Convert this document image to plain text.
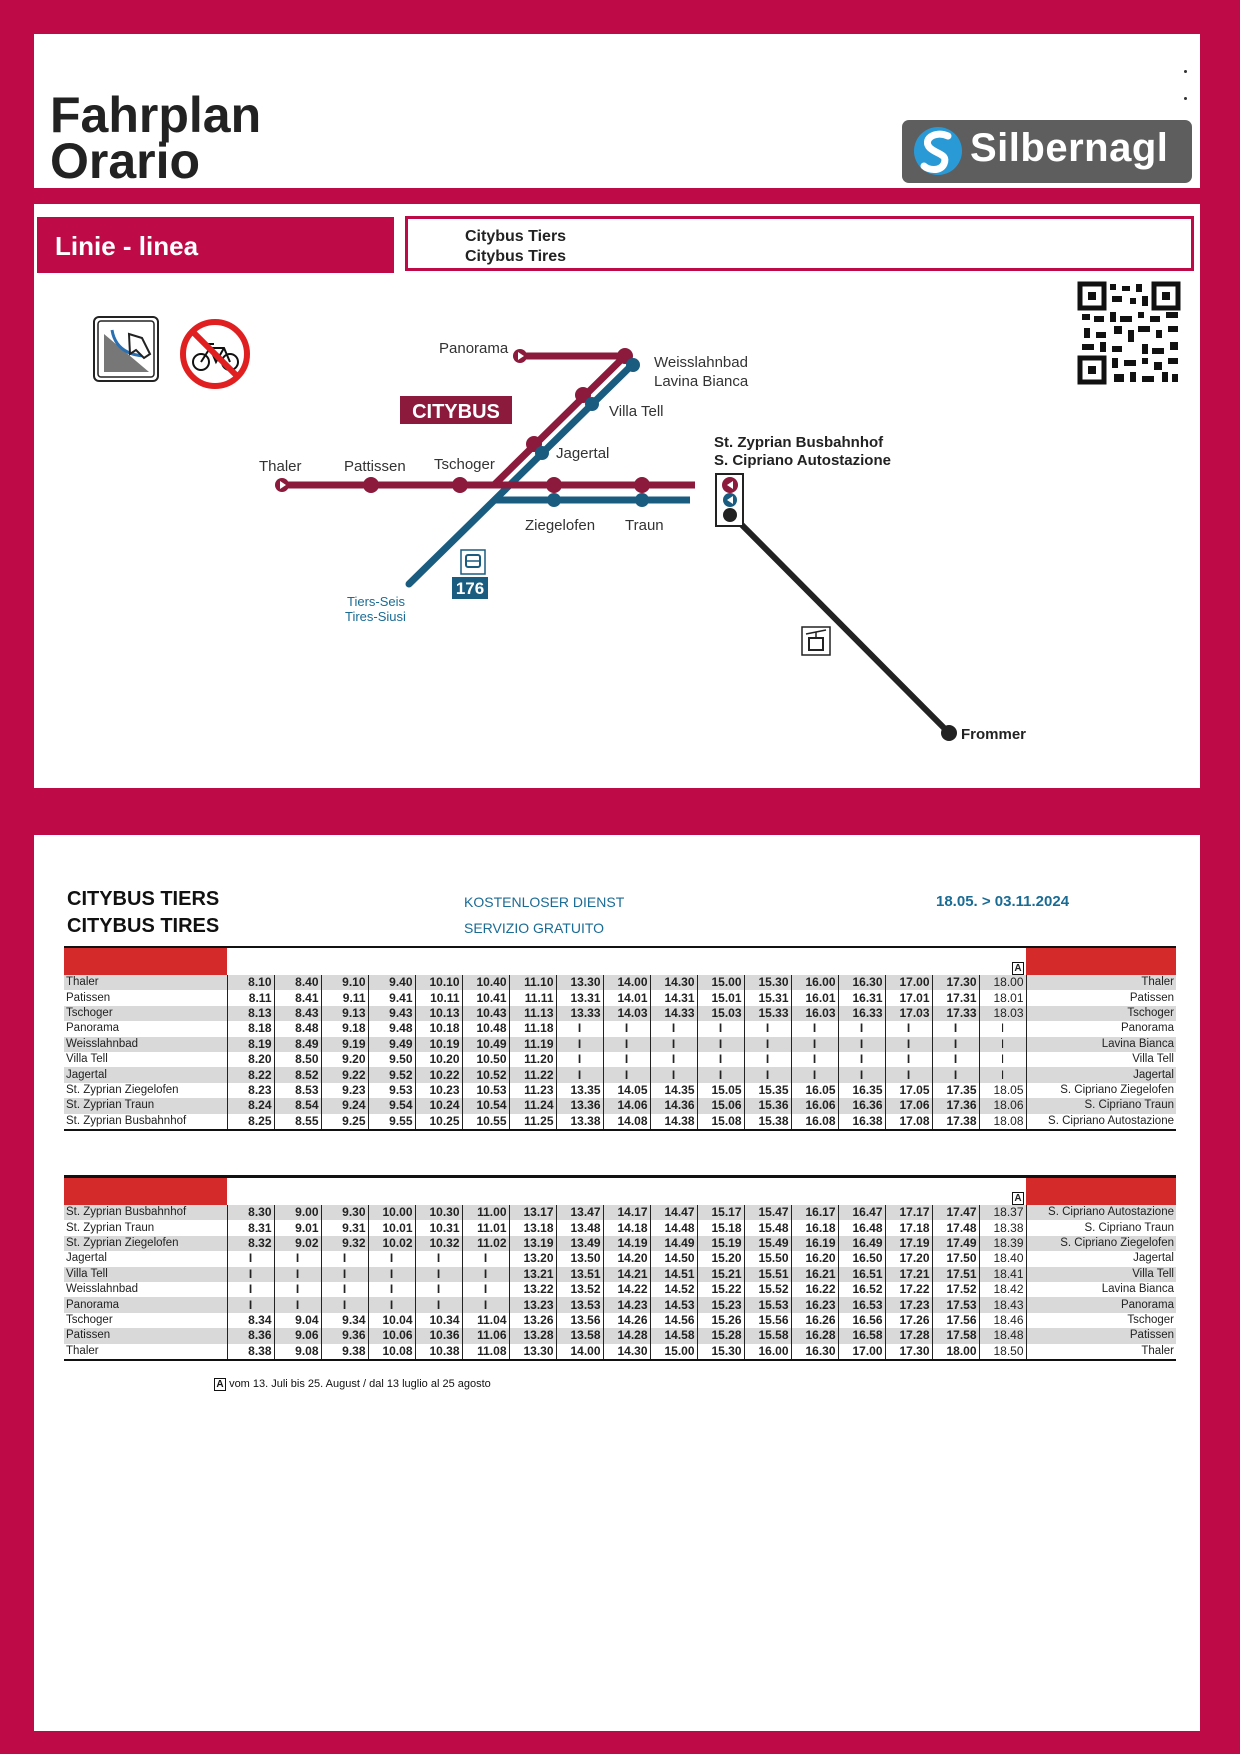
Fahrplan
Orario	Silbernagl
Linie - linea	Citybus Tiers
Citybus Tires
176
CITYBUS
Panorama
Weisslahnbad
Lavina Bianca
Villa Tell
Jagertal
Thaler	Pattissen Tschoger
Ziegelofen Traun
St. Zyprian Busbahnhof
S. Cipriano Autostazione
Tiers-Seis
Tires-Siusi
Frommer
CITYBUS TIERS
CITYBUS TIRES
KOSTENLOSER DIENST
SERVIZIO GRATUITO
18.05. > 03.11.2024
																	A	
Thaler	8.10	8.40	9.10	9.40	10.10	10.40	11.10	13.30	14.00	14.30	15.00	15.30	16.00	16.30	17.00	17.30	18.00	Thaler
Patissen	8.11	8.41	9.11	9.41	10.11	10.41	11.11	13.31	14.01	14.31	15.01	15.31	16.01	16.31	17.01	17.31	18.01	Patissen
Tschoger	8.13	8.43	9.13	9.43	10.13	10.43	11.13	13.33	14.03	14.33	15.03	15.33	16.03	16.33	17.03	17.33	18.03	Tschoger
Panorama	8.18	8.48	9.18	9.48	10.18	10.48	11.18	I	I	I	I	I	I	I	I	I	I	Panorama
Weisslahnbad	8.19	8.49	9.19	9.49	10.19	10.49	11.19	I	I	I	I	I	I	I	I	I	I	Lavina Bianca
Villa Tell	8.20	8.50	9.20	9.50	10.20	10.50	11.20	I	I	I	I	I	I	I	I	I	I	Villa Tell
Jagertal	8.22	8.52	9.22	9.52	10.22	10.52	11.22	I	I	I	I	I	I	I	I	I	I	Jagertal
St. Zyprian Ziegelofen	8.23	8.53	9.23	9.53	10.23	10.53	11.23	13.35	14.05	14.35	15.05	15.35	16.05	16.35	17.05	17.35	18.05	S. Cipriano Ziegelofen
St. Zyprian Traun	8.24	8.54	9.24	9.54	10.24	10.54	11.24	13.36	14.06	14.36	15.06	15.36	16.06	16.36	17.06	17.36	18.06	S. Cipriano Traun
St. Zyprian Busbahnhof	8.25	8.55	9.25	9.55	10.25	10.55	11.25	13.38	14.08	14.38	15.08	15.38	16.08	16.38	17.08	17.38	18.08	S. Cipriano Autostazione
																	A	
St. Zyprian Busbahnhof	8.30	9.00	9.30	10.00	10.30	11.00	13.17	13.47	14.17	14.47	15.17	15.47	16.17	16.47	17.17	17.47	18.37	S. Cipriano Autostazione
St. Zyprian Traun	8.31	9.01	9.31	10.01	10.31	11.01	13.18	13.48	14.18	14.48	15.18	15.48	16.18	16.48	17.18	17.48	18.38	S. Cipriano Traun
St. Zyprian Ziegelofen	8.32	9.02	9.32	10.02	10.32	11.02	13.19	13.49	14.19	14.49	15.19	15.49	16.19	16.49	17.19	17.49	18.39	S. Cipriano Ziegelofen
Jagertal	I	I	I	I	I	I	13.20	13.50	14.20	14.50	15.20	15.50	16.20	16.50	17.20	17.50	18.40	Jagertal
Villa Tell	I	I	I	I	I	I	13.21	13.51	14.21	14.51	15.21	15.51	16.21	16.51	17.21	17.51	18.41	Villa Tell
Weisslahnbad	I	I	I	I	I	I	13.22	13.52	14.22	14.52	15.22	15.52	16.22	16.52	17.22	17.52	18.42	Lavina Bianca
Panorama	I	I	I	I	I	I	13.23	13.53	14.23	14.53	15.23	15.53	16.23	16.53	17.23	17.53	18.43	Panorama
Tschoger	8.34	9.04	9.34	10.04	10.34	11.04	13.26	13.56	14.26	14.56	15.26	15.56	16.26	16.56	17.26	17.56	18.46	Tschoger
Patissen	8.36	9.06	9.36	10.06	10.36	11.06	13.28	13.58	14.28	14.58	15.28	15.58	16.28	16.58	17.28	17.58	18.48	Patissen
Thaler	8.38	9.08	9.38	10.08	10.38	11.08	13.30	14.00	14.30	15.00	15.30	16.00	16.30	17.00	17.30	18.00	18.50	Thaler
A vom 13. Juli bis 25. August / dal 13 luglio al 25 agosto
